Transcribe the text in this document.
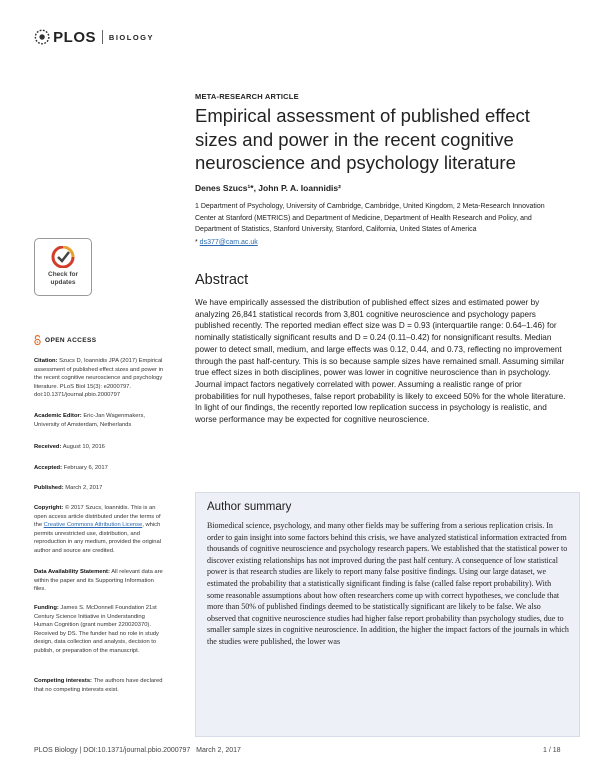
PLOS BIOLOGY
Check for
updates
META-RESEARCH ARTICLE
Empirical assessment of published effect sizes and power in the recent cognitive neuroscience and psychology literature
Denes Szucs¹*, John P. A. Ioannidis²
1 Department of Psychology, University of Cambridge, Cambridge, United Kingdom, 2 Meta-Research Innovation Center at Stanford (METRICS) and Department of Medicine, Department of Health Research and Policy, and Department of Statistics, Stanford University, Stanford, California, United States of America
* ds377@cam.ac.uk
OPEN ACCESS
Citation: Szucs D, Ioannidis JPA (2017) Empirical assessment of published effect sizes and power in the recent cognitive neuroscience and psychology literature. PLoS Biol 15(3): e2000797. doi:10.1371/journal.pbio.2000797
Academic Editor: Eric-Jan Wagenmakers, University of Amsterdam, Netherlands
Received: August 10, 2016
Accepted: February 6, 2017
Published: March 2, 2017
Copyright: © 2017 Szucs, Ioannidis. This is an open access article distributed under the terms of the Creative Commons Attribution License, which permits unrestricted use, distribution, and reproduction in any medium, provided the original author and source are credited.
Data Availability Statement: All relevant data are within the paper and its Supporting Information files.
Funding: James S. McDonnell Foundation 21st Century Science Initiative in Understanding Human Cognition (grant number 220020370). Received by DS. The funder had no role in study design, data collection and analysis, decision to publish, or preparation of the manuscript.
Competing interests: The authors have declared that no competing interests exist.
Abstract
We have empirically assessed the distribution of published effect sizes and estimated power by analyzing 26,841 statistical records from 3,801 cognitive neuroscience and psychology papers published recently. The reported median effect size was D = 0.93 (interquartile range: 0.64–1.46) for nominally statistically significant results and D = 0.24 (0.11–0.42) for nonsignificant results. Median power to detect small, medium, and large effects was 0.12, 0.44, and 0.73, reflecting no improvement through the past half-century. This is so because sample sizes have remained small. Assuming similar true effect sizes in both disciplines, power was lower in cognitive neuroscience than in psychology. Journal impact factors negatively correlated with power. Assuming a realistic range of prior probabilities for null hypotheses, false report probability is likely to exceed 50% for the whole literature. In light of our findings, the recently reported low replication success in psychology is realistic, and worse performance may be expected for cognitive neuroscience.
Author summary
Biomedical science, psychology, and many other fields may be suffering from a serious replication crisis. In order to gain insight into some factors behind this crisis, we have analyzed statistical information extracted from thousands of cognitive neuroscience and psychology research papers. We established that the statistical power to discover existing relationships has not improved during the past half century. A consequence of low statistical power is that research studies are likely to report many false positive findings. Using our large dataset, we estimated the probability that a statistically significant finding is false (called false report probability). With some reasonable assumptions about how often researchers come up with correct hypotheses, we conclude that more than 50% of published findings deemed to be statistically significant are likely to be false. We also observed that cognitive neuroscience studies had higher false report probability than psychology studies, due to smaller sample sizes in cognitive neuroscience. In addition, the higher the impact factors of the journals in which the studies were published, the lower was
PLOS Biology | DOI:10.1371/journal.pbio.2000797   March 2, 2017	1 / 18
